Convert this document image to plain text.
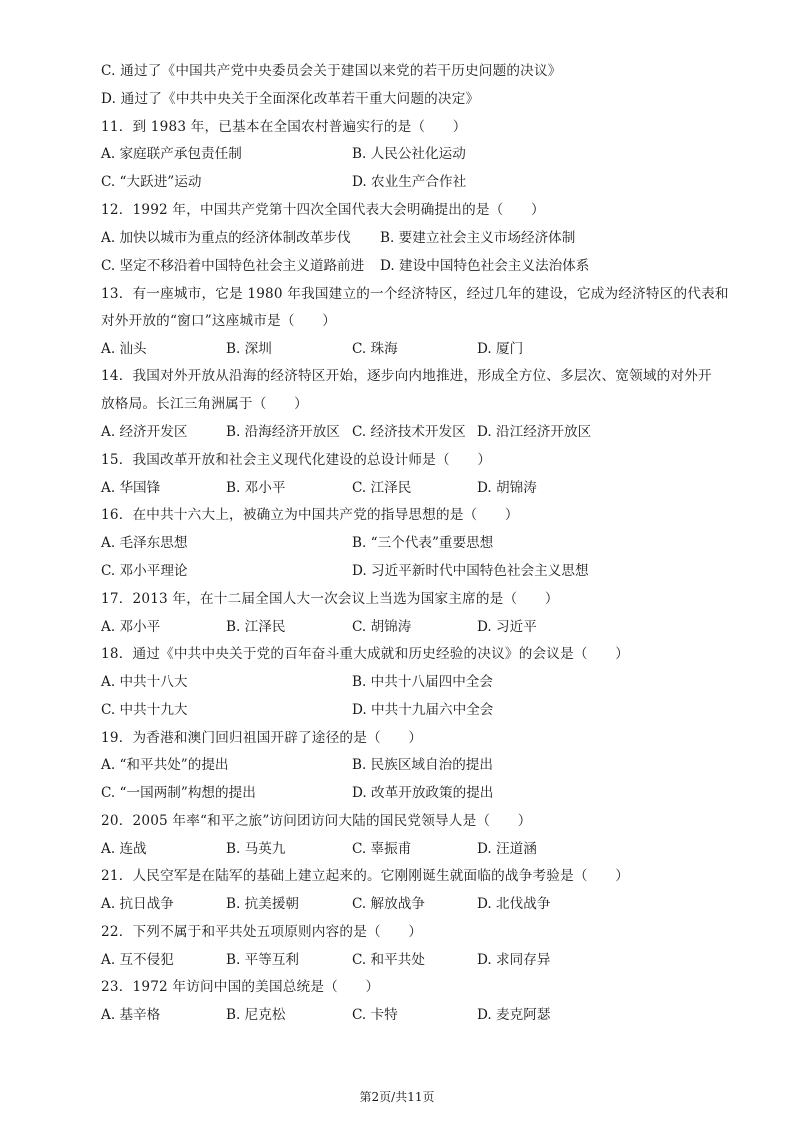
C. 通过了《中国共产党中央委员会关于建国以来党的若干历史问题的决议》
D. 通过了《中共中央关于全面深化改革若干重大问题的决定》
11．到 1983 年，已基本在全国农村普遍实行的是（　　）
A. 家庭联产承包责任制	B. 人民公社化运动
C. “大跃进”运动	D. 农业生产合作社
12．1992 年，中国共产党第十四次全国代表大会明确提出的是（　　）
A. 加快以城市为重点的经济体制改革步伐 B. 要建立社会主义市场经济体制
C. 坚定不移沿着中国特色社会主义道路前进 D. 建设中国特色社会主义法治体系
13．有一座城市，它是 1980 年我国建立的一个经济特区，经过几年的建设，它成为经济特区的代表和
对外开放的“窗口”这座城市是（　　）
A. 汕头	B. 深圳	C. 珠海	D. 厦门
14．我国对外开放从沿海的经济特区开始，逐步向内地推进，形成全方位、多层次、宽领域的对外开
放格局。长江三角洲属于（　　）
A. 经济开发区	B. 沿海经济开放区 C. 经济技术开发区 D. 沿江经济开放区
15．我国改革开放和社会主义现代化建设的总设计师是（　　）
A. 华国锋	B. 邓小平	C. 江泽民	D. 胡锦涛
16．在中共十六大上，被确立为中国共产党的指导思想的是（　　）
A. 毛泽东思想	B. “三个代表”重要思想
C. 邓小平理论	D. 习近平新时代中国特色社会主义思想
17．2013 年，在十二届全国人大一次会议上当选为国家主席的是（　　）
A. 邓小平	B. 江泽民	C. 胡锦涛	D. 习近平
18．通过《中共中央关于党的百年奋斗重大成就和历史经验的决议》的会议是（　　）
A. 中共十八大	B. 中共十八届四中全会
C. 中共十九大	D. 中共十九届六中全会
19．为香港和澳门回归祖国开辟了途径的是（　　）
A. “和平共处”的提出	B. 民族区域自治的提出
C. “一国两制”构想的提出	D. 改革开放政策的提出
20．2005 年率“和平之旅”访问团访问大陆的国民党领导人是（　　）
A. 连战	B. 马英九	C. 辜振甫	D. 汪道涵
21．人民空军是在陆军的基础上建立起来的。它刚刚诞生就面临的战争考验是（　　）
A. 抗日战争	B. 抗美援朝	C. 解放战争	D. 北伐战争
22．下列不属于和平共处五项原则内容的是（　　）
A. 互不侵犯	B. 平等互利	C. 和平共处	D. 求同存异
23．1972 年访问中国的美国总统是（　　）
A. 基辛格	B. 尼克松	C. 卡特	D. 麦克阿瑟
第2页/共11页
